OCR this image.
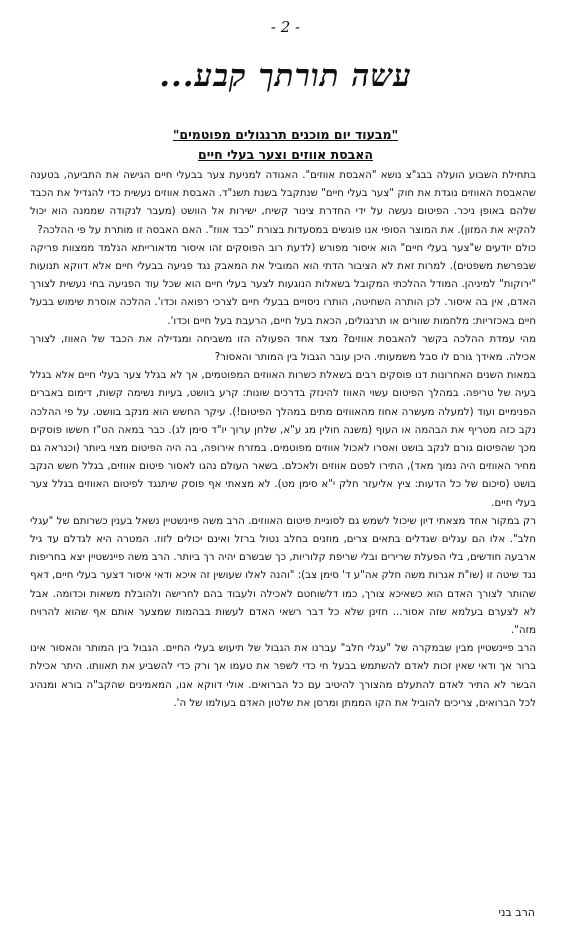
- 2 -
עשה תורתך קבע...
"מבעוד יום מוכנים תרנגולים מפוטמים"
האבסת אווזים וצער בעלי חיים

בתחילת השבוע הועלה בבג"צ נושא "האבסת אווזים". האגודה למניעת צער בבעלי חיים הגישה את התביעה, בטענה שהאבסת האווזים נוגדת את חוק "צער בעלי חיים" שנתקבל בשנת תשנ"ד. האבסת אווזים נעשית כדי להגדיל את הכבד שלהם באופן ניכר. הפיטום נעשה על ידי החדרת צינור קשיח, ישירות אל הוושט (מעבר לנקודה שממנה הוא יכול להקיא את המזון). את המוצר הסופי אנו פוגשים במסעדות בצורת "כבד אווז". האם האבסה זו מותרת על פי ההלכה?

כולם יודעים ש"צער בעלי חיים" הוא איסור מפורש (לדעת רוב הפוסקים זהו איסור מדאורייתא הנלמד ממצוות פריקה שבפרשת משפטים). למרות זאת לא הציבור הדתי הוא המוביל את המאבק נגד פגיעה בבעלי חיים אלא דווקא תנועות "ירוקות" למיניהן. המודל ההלכתי המקובל בשאלות הנוגעות לצער בעלי חיים הוא שכל עוד הפגיעה בחי נעשית לצורך האדם, אין בה איסור. לכן הותרה השחיטה, הותרו ניסויים בבעלי חיים לצרכי רפואה וכדו'. ההלכה אוסרת שימוש בבעל חיים באכזריות: מלחמות שוורים או תרנגולים, הכאת בעל חיים, הרעבת בעל חיים וכדו'.

מהי עמדת ההלכה בקשר להאבסת אווזים? מצד אחד הפעולה הזו משביחה ומגדילה את הכבד של האווז, לצורך אכילה. מאידך גורם לו סבל משמעותי. היכן עובר הגבול בין המותר והאסור?

במאות השנים האחרונות דנו פוסקים רבים בשאלת כשרות האווזים המפוטמים, אך לא בגלל צער בעלי חיים אלא בגלל בעיה של טריפה. במהלך הפיטום עשוי האווז להינזק בדרכים שונות: קרע בוושט, בעיות נשימה קשות, דימום באברים הפנימיים ועוד (למעלה מעשרה אחוז מהאווזים מתים במהלך הפיטום!). עיקר החשש הוא מנקב בוושט. על פי ההלכה נקב כזה מטריף את הבהמה או העוף (משנה חולין מג ע"א, שלחן ערוך יו"ד סימן לג). כבר במאה הט"ז חששו פוסקים מכך שהפיטום גורם לנקב בושט ואסרו לאכול אווזים מפוטמים. במזרח אירופה, בה היה הפיטום מצוי ביותר (וכנראה גם מחיר האווזים היה נמוך מאד), התירו לפטם אווזים ולאכלם. בשאר העולם נהגו לאסור פיטום אווזים, בגלל חשש הנקב בושט (סיכום של כל הדעות: ציץ אליעזר חלק י"א סימן מט). לא מצאתי אף פוסק שיתנגד לפיטום האווזים בגלל צער בעלי חיים.

רק במקור אחד מצאתי דיון שיכול לשמש גם לסוגיית פיטום האווזים. הרב משה פיינשטיין נשאל בענין כשרותם של "עגלי חלב". אלו הם עגלים שגדלים בתאים צרים, מוזנים בחלב נטול ברזל ואינם יכולים לזוז. המטרה היא לגדלם עד גיל ארבעה חודשים, בלי הפעלת שרירים ובלי שריפת קלוריות, כך שבשרם יהיה רך ביותר. הרב משה פיינשטיין יצא בחריפות נגד שיטה זו (שו"ת אגרות משה חלק אה"ע ד' סימן צב): "והנה לאלו שעושין זה איכא ודאי איסור דצער בעלי חיים, דאף שהותר לצורך האדם הוא כשאיכא צורך, כמו דלשוחטם לאכילה ולעבוד בהם לחרישה ולהובלת משאות וכדומה. אבל לא לצערם בעלמא שזה אסור... חזינן שלא כל דבר רשאי האדם לעשות בבהמות שמצער אותם אף שהוא להרויח מזה".

הרב פיינשטיין מבין שבמקרה של "עגלי חלב" עברנו את הגבול של תיעוש בעלי החיים. הגבול בין המותר והאסור אינו ברור אך ודאי שאין זכות לאדם להשתמש בבעל חי כדי לשפר את טעמו אך ורק כדי להשביע את תאוותו. היתר אכילת הבשר לא התיר לאדם להתעלם מהצורך להיטיב עם כל הברואים. אולי דווקא אנו, המאמינים שהקב"ה בורא ומנהיג לכל הברואים, צריכים להוביל את הקו הממתן ומרסן את שלטון האדם בעולמו של ה'.

הרב בני
